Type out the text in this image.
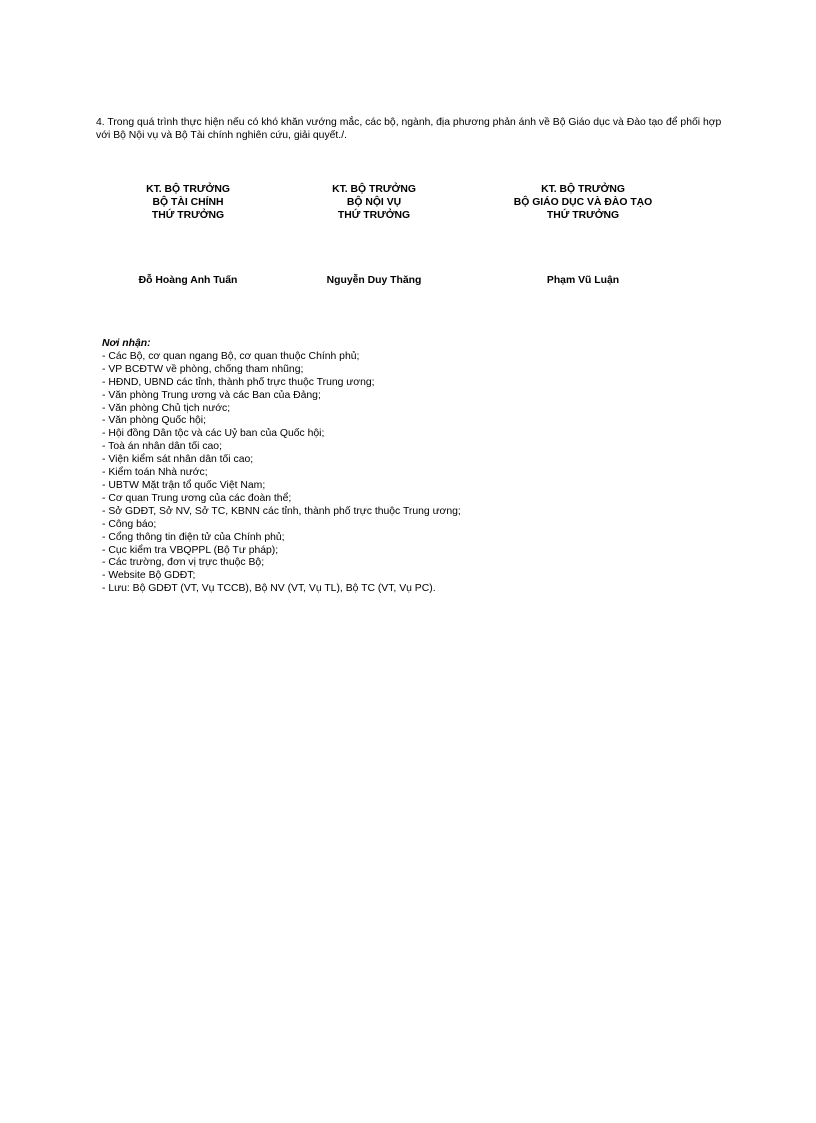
4. Trong quá trình thực hiện nếu có khó khăn vướng mắc, các bộ, ngành, địa phương phản ánh về Bộ Giáo dục và Đào tạo để phối hợp với Bộ Nội vụ và Bộ Tài chính nghiên cứu, giải quyết./.

KT. BỘ TRƯỞNG
BỘ TÀI CHÍNH
THỨ TRƯỞNG
KT. BỘ TRƯỞNG
BỘ NỘI VỤ
THỨ TRƯỞNG
KT. BỘ TRƯỞNG
BỘ GIÁO DỤC VÀ ĐÀO TẠO
THỨ TRƯỞNG
Đỗ Hoàng Anh Tuấn	Nguyễn Duy Thăng	Phạm Vũ Luận
Nơi nhận:
- Các Bộ, cơ quan ngang Bộ, cơ quan thuộc Chính phủ;
- VP BCĐTW về phòng, chống tham nhũng;
- HĐND, UBND các tỉnh, thành phố trực thuộc Trung ương;
- Văn phòng Trung ương và các Ban của Đảng;
- Văn phòng Chủ tịch nước;
- Văn phòng Quốc hội;
- Hội đồng Dân tộc và các Uỷ ban của Quốc hội;
- Toà án nhân dân tối cao;
- Viện kiểm sát nhân dân tối cao;
- Kiểm toán Nhà nước;
- UBTW Mặt trận tổ quốc Việt Nam;
- Cơ quan Trung ương của các đoàn thể;
- Sở GDĐT, Sở NV, Sở TC, KBNN các tỉnh, thành phố trực thuộc Trung ương;
- Công báo;
- Cổng thông tin điện tử của Chính phủ;
- Cục kiểm tra VBQPPL (Bộ Tư pháp);
- Các trường, đơn vị trực thuộc Bộ;
- Website Bộ GDĐT;
- Lưu: Bộ GDĐT (VT, Vụ TCCB), Bộ NV (VT, Vụ TL), Bộ TC (VT, Vụ PC).
